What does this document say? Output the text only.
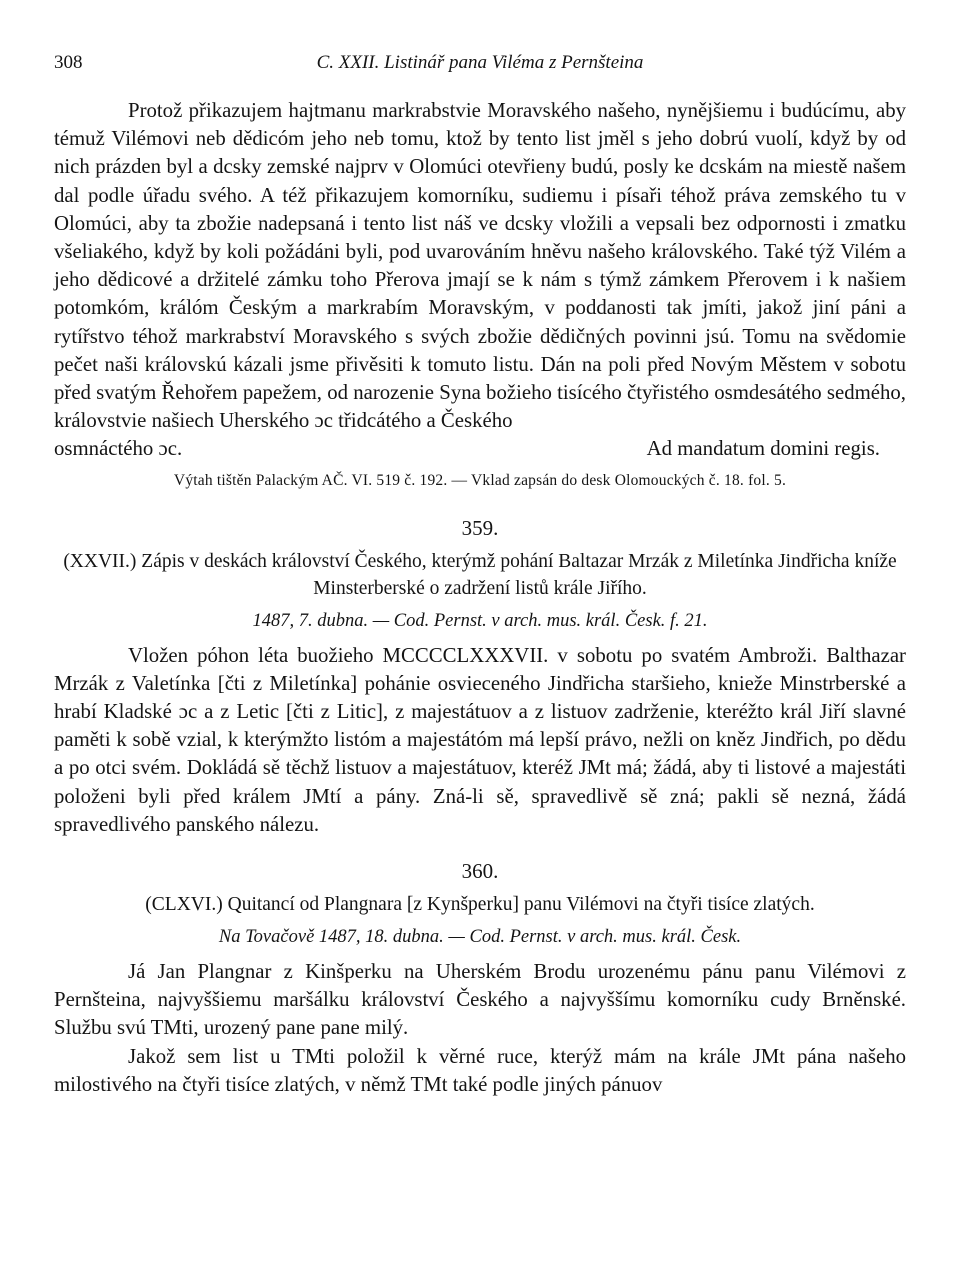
308	C. XXII. Listinář pana Viléma z Pernšteina

Protož přikazujem hajtmanu markrabstvie Moravského našeho, nynějšiemu i budúcímu, aby témuž Vilémovi neb dědicóm jeho neb tomu, ktož by tento list jměl s jeho dobrú vuolí, když by od nich prázden byl a dcsky zemské najprv v Olomúci otevřieny budú, posly ke dcskám na miestě našem dal podle úřadu svého. A též přikazujem komorníku, sudiemu i písaři téhož práva zemského tu v Olomúci, aby ta zbožie nadepsaná i tento list náš ve dcsky vložili a vepsali bez odpornosti i zmatku všeliakého, když by koli požádáni byli, pod uvarováním hněvu našeho královského. Také týž Vilém a jeho dědicové a držitelé zámku toho Přerova jmají se k nám s týmž zámkem Přerovem i k našiem potomkóm, králóm Českým a markrabím Moravským, v poddanosti tak jmíti, jakož jiní páni a rytířstvo téhož markrabství Moravského s svých zbožie dědičných povinni jsú. Tomu na svědomie pečet naši královskú kázali jsme přivěsiti k tomuto listu. Dán na poli před Novým Městem v sobotu před svatým Řehořem papežem, od narozenie Syna božieho tisícého čtyřistého osmdesátého sedmého, královstvie našiech Uherského ɔc třidcátého a Českého

osmnáctého ɔc.	Ad mandatum domini regis.

Výtah tištěn Palackým AČ. VI. 519 č. 192. — Vklad zapsán do desk Olomouckých č. 18. fol. 5.

359.

(XXVII.) Zápis v deskách království Českého, kterýmž pohání Baltazar Mrzák z Miletínka Jindřicha kníže Minsterberské o zadržení listů krále Jiřího.

1487, 7. dubna. — Cod. Pernst. v arch. mus. král. Česk. f. 21.

Vložen póhon léta buožieho MCCCCLXXXVII. v sobotu po svatém Ambroži. Balthazar Mrzák z Valetínka [čti z Miletínka] pohánie osvieceného Jindřicha staršieho, knieže Minstrberské a hrabí Kladské ɔc a z Letic [čti z Litic], z majestátuov a z listuov zadrženie, kteréžto král Jiří slavné paměti k sobě vzial, k kterýmžto listóm a majestátóm má lepší právo, nežli on kněz Jindřich, po dědu a po otci svém. Dokládá sě těchž listuov a majestátuov, kteréž JMt má; žádá, aby ti listové a majestáti položeni byli před králem JMtí a pány. Zná-li sě, spravedlivě sě zná; pakli sě nezná, žádá spravedlivého panského nálezu.

360.

(CLXVI.) Quitancí od Plangnara [z Kynšperku] panu Vilémovi na čtyři tisíce zlatých.

Na Tovačově 1487, 18. dubna. — Cod. Pernst. v arch. mus. král. Česk.

Já Jan Plangnar z Kinšperku na Uherském Brodu urozenému pánu panu Vilémovi z Pernšteina, najvyššiemu maršálku království Českého a najvyššímu komorníku cudy Brněnské. Službu svú TMti, urozený pane pane milý.

Jakož sem list u TMti položil k věrné ruce, kterýž mám na krále JMt pána našeho milostivého na čtyři tisíce zlatých, v němž TMt také podle jiných pánuov
